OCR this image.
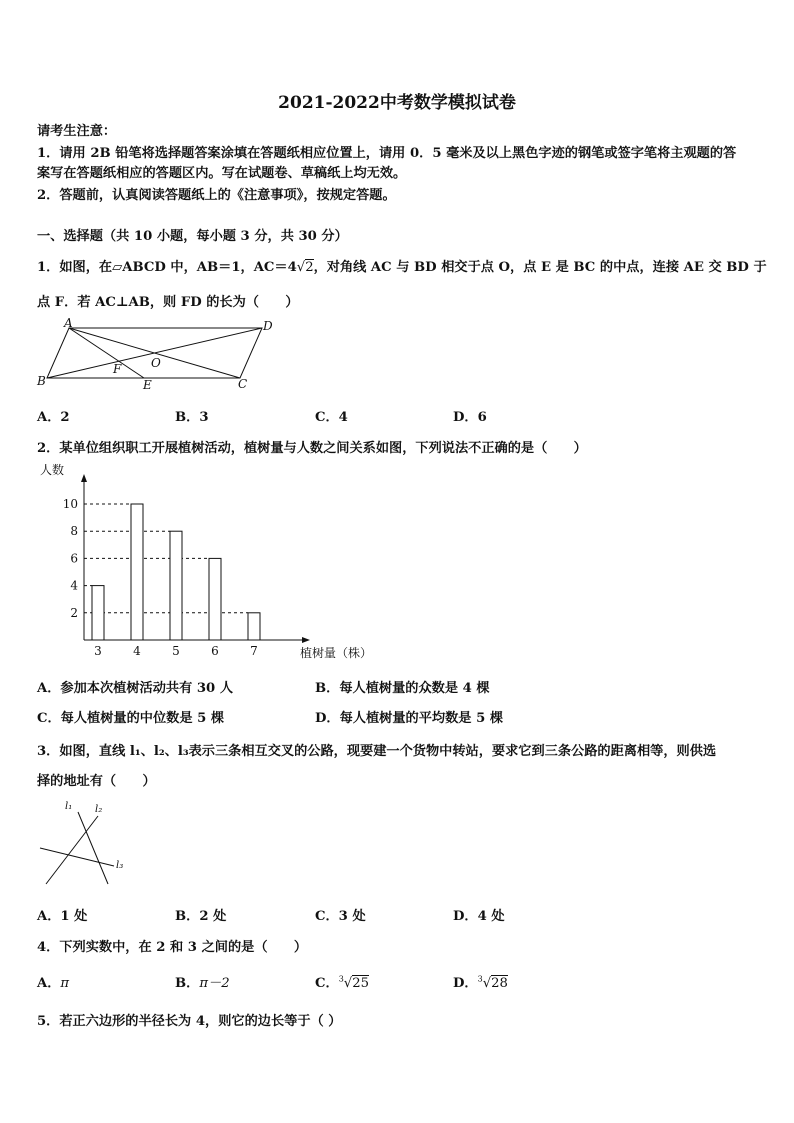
2021-2022中考数学模拟试卷
请考生注意：
1．请用 2B 铅笔将选择题答案涂填在答题纸相应位置上，请用 0．5 毫米及以上黑色字迹的钢笔或签字笔将主观题的答
案写在答题纸相应的答题区内。写在试题卷、草稿纸上均无效。
2．答题前，认真阅读答题纸上的《注意事项》，按规定答题。
一、选择题（共 10 小题，每小题 3 分，共 30 分）
1．如图，在▱ABCD 中，AB＝1，AC＝4√2，对角线 AC 与 BD 相交于点 O，点 E 是 BC 的中点，连接 AE 交 BD 于
点 F．若 AC⊥AB，则 FD 的长为（　　）
A	D
B	C
E
F O
A．2	B．3	C．4	D．6
2．某单位组织职工开展植树活动，植树量与人数之间关系如图，下列说法不正确的是（　　）
人数
植树量（株）
2
4
6
8
10
3	4	5	6	7
A．参加本次植树活动共有 30 人	B．每人植树量的众数是 4 棵
C．每人植树量的中位数是 5 棵	D．每人植树量的平均数是 5 棵
3．如图，直线 l₁、l₂、l₃表示三条相互交叉的公路，现要建一个货物中转站，要求它到三条公路的距离相等，则供选
择的地址有（　　）
l₁ l₂
l₃
A．1 处	B．2 处	C．3 处	D．4 处
4．下列实数中，在 2 和 3 之间的是（　　）
A．π	B．π－2	C．$^3$√25	D．$^3$√28
5．若正六边形的半径长为 4，则它的边长等于（ ）
